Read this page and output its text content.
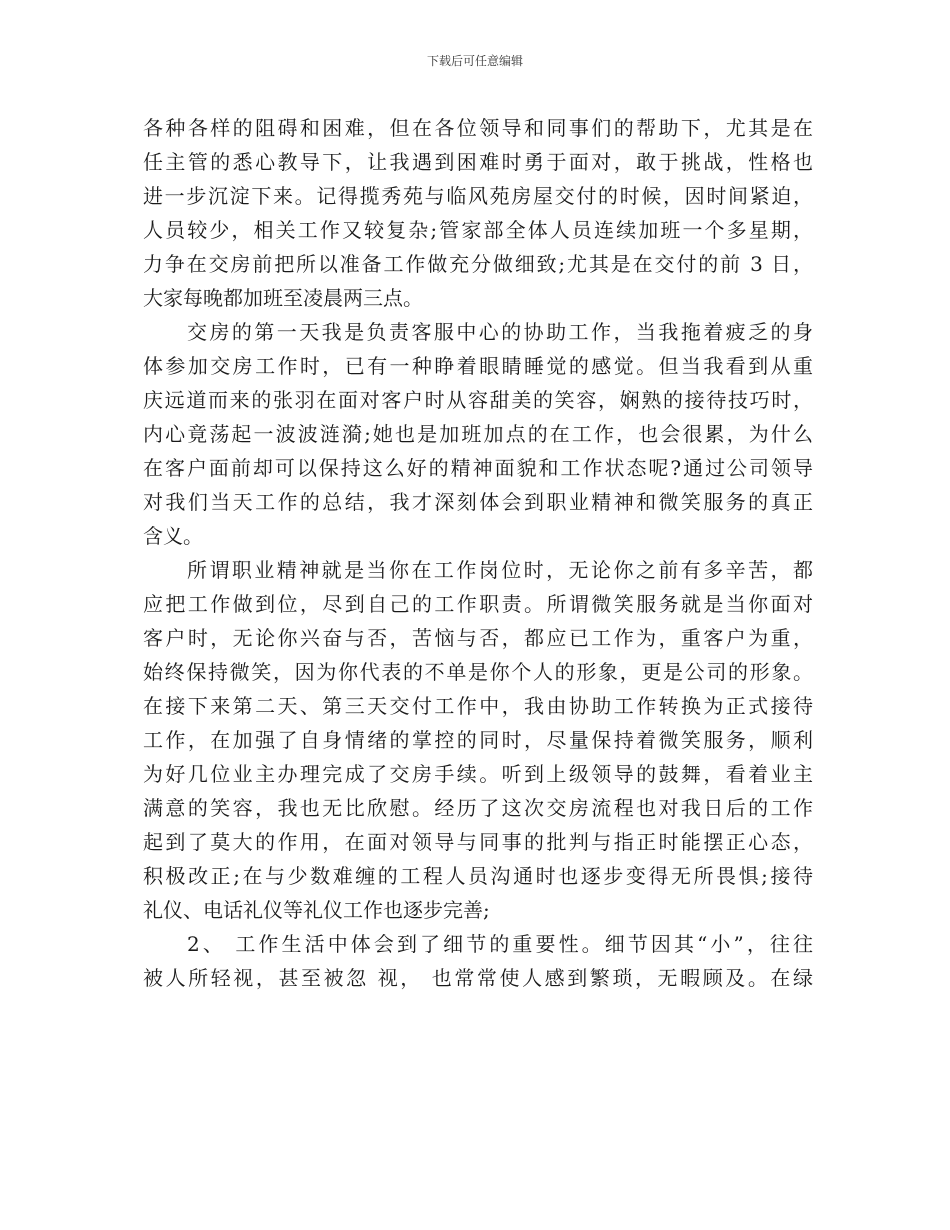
下载后可任意编辑
各种各样的阻碍和困难，但在各位领导和同事们的帮助下，尤其是在
任主管的悉心教导下，让我遇到困难时勇于面对，敢于挑战，性格也
进一步沉淀下来。记得揽秀苑与临风苑房屋交付的时候，因时间紧迫，
人员较少，相关工作又较复杂;管家部全体人员连续加班一个多星期，
力争在交房前把所以准备工作做充分做细致;尤其是在交付的前 3 日，
大家每晚都加班至凌晨两三点。
交房的第一天我是负责客服中心的协助工作，当我拖着疲乏的身
体参加交房工作时，已有一种睁着眼睛睡觉的感觉。但当我看到从重
庆远道而来的张羽在面对客户时从容甜美的笑容，娴熟的接待技巧时，
内心竟荡起一波波涟漪;她也是加班加点的在工作，也会很累，为什么
在客户面前却可以保持这么好的精神面貌和工作状态呢?通过公司领导
对我们当天工作的总结，我才深刻体会到职业精神和微笑服务的真正
含义。
所谓职业精神就是当你在工作岗位时，无论你之前有多辛苦，都
应把工作做到位，尽到自己的工作职责。所谓微笑服务就是当你面对
客户时，无论你兴奋与否，苦恼与否，都应已工作为，重客户为重，
始终保持微笑，因为你代表的不单是你个人的形象，更是公司的形象。
在接下来第二天、第三天交付工作中，我由协助工作转换为正式接待
工作，在加强了自身情绪的掌控的同时，尽量保持着微笑服务，顺利
为好几位业主办理完成了交房手续。听到上级领导的鼓舞，看着业主
满意的笑容，我也无比欣慰。经历了这次交房流程也对我日后的工作
起到了莫大的作用，在面对领导与同事的批判与指正时能摆正心态，
积极改正;在与少数难缠的工程人员沟通时也逐步变得无所畏惧;接待
礼仪、电话礼仪等礼仪工作也逐步完善;
2、 工作生活中体会到了细节的重要性。细节因其“小”，往往
被人所轻视，甚至被忽 视， 也常常使人感到繁琐，无暇顾及。在绿
